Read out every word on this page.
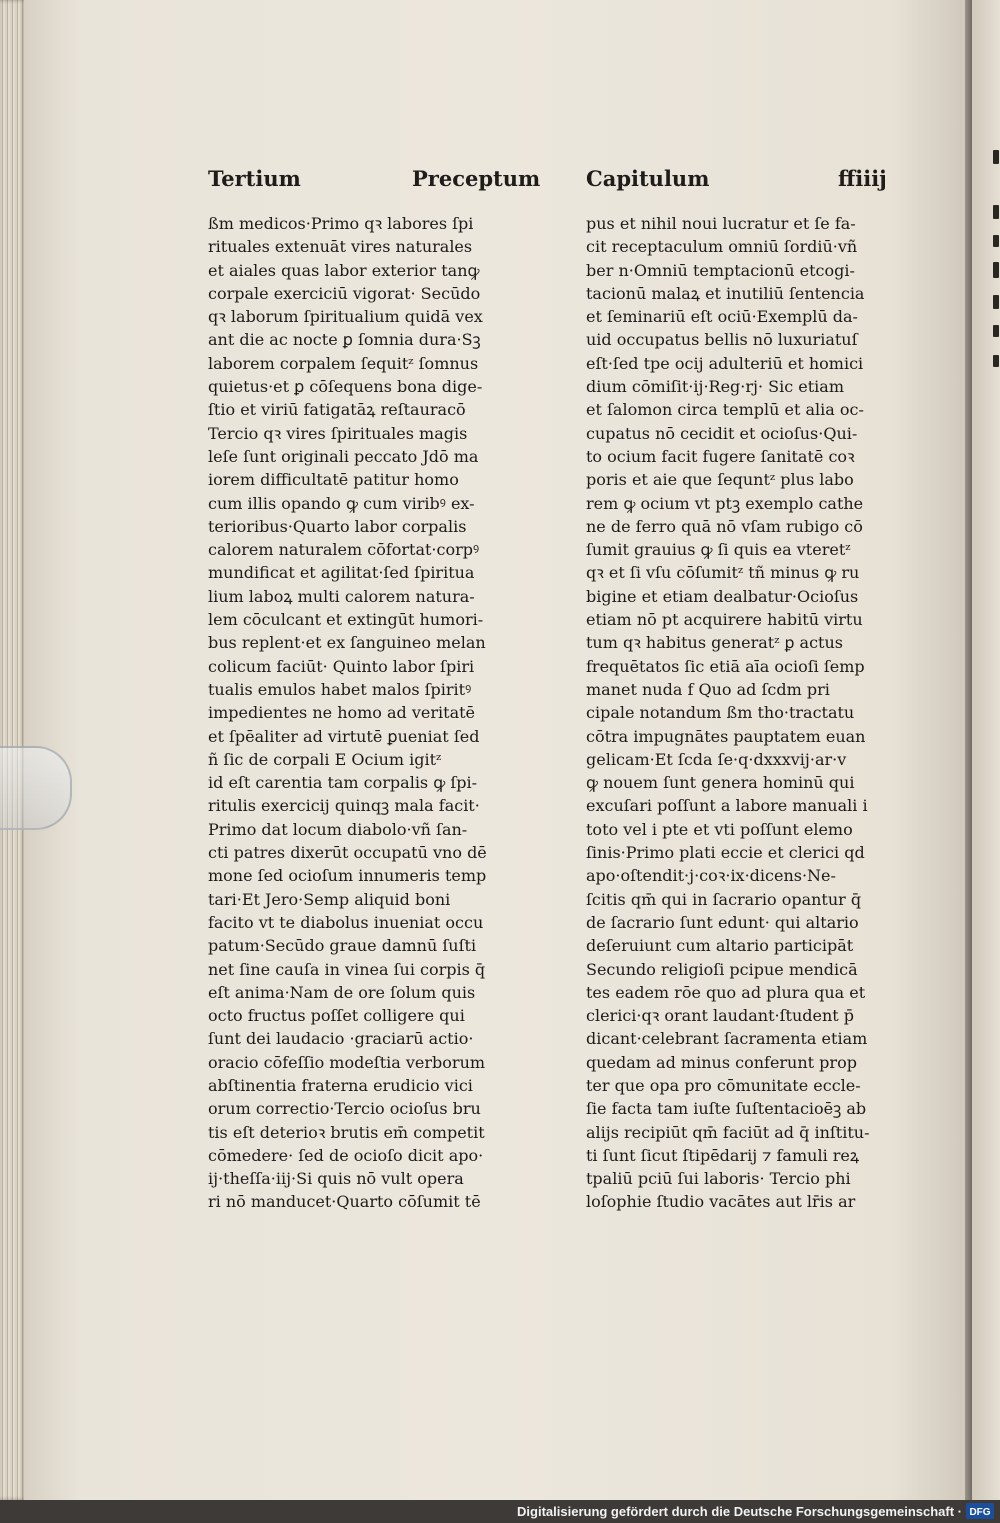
Tertium	Preceptum Capitulum	ffiiij
ßm medicos·Primo qꝛ labores ſpi
rituales extenuāt vires naturales
et aiales quas labor exterior tanꝙ
corpale exerciciū vigorat· Secūdo
qꝛ laborum ſpiritualium quidā vex
ant die ac nocte ꝑ ſomnia dura·Sꝫ
laborem corpalem ſequitᶻ ſomnus
quietus·et ꝑ cōſequens bona dige-
ſtio et viriū fatigatāꝝ reſtauracō
Tercio qꝛ vires ſpirituales magis
leſe ſunt originali peccato Jdō ma
iorem difficultatē patitur homo
cum illis opando ꝙ cum viribꝰ ex-
terioribus·Quarto labor corpalis
calorem naturalem cōfortat·corpꝰ
mundificat et agilitat·ſed ſpiritua
lium laboꝝ multi calorem natura-
lem cōculcant et extingūt humori-
bus replent·et ex ſanguineo melan
colicum faciūt· Quinto labor ſpiri
tualis emulos habet malos ſpiritꝰ
impedientes ne homo ad veritatē
et ſpēaliter ad virtutē ꝑueniat ſed
ñ ſic de corpali E Ocium igitᶻ
id eſt carentia tam corpalis ꝙ ſpi-
ritulis exercicij quinqꝫ mala facit·
Primo dat locum diabolo·vñ ſan-
cti patres dixerūt occupatū vno dē
mone ſed ocioſum innumeris temp
tari·Et Jero·Semp aliquid boni
facito vt te diabolus inueniat occu
patum·Secūdo graue damnū ſuſti
net ſine cauſa in vinea ſui corpis q̄
eſt anima·Nam de ore ſolum quis
octo fructus poſſet colligere qui
ſunt dei laudacio ·graciarū actio·
oracio cōfeſſio modeſtia verborum
abſtinentia fraterna erudicio vici
orum correctio·Tercio ocioſus bru
tis eſt deterioꝛ brutis em̄ competit
cōmedere· ſed de ocioſo dicit apo·
ij·theſſa·iij·Si quis nō vult opera
ri nō manducet·Quarto cōſumit tē
pus et nihil noui lucratur et ſe fa-
cit receptaculum omniū ſordiū·vñ
ber n·Omniū temptacionū etcogi-
tacionū malaꝝ et inutiliū ſentencia
et ſeminariū eſt ociū·Exemplū da-
uid occupatus bellis nō luxuriatuſ
eſt·ſed tpe ocij adulteriū et homici
dium cōmiſit·ij·Reg·rj· Sic etiam
et ſalomon circa templū et alia oc-
cupatus nō cecidit et ocioſus·Qui-
to ocium facit fugere ſanitatē coꝛ
poris et aie que ſequntᶻ plus labo
rem ꝙ ocium vt ptꝫ exemplo cathe
ne de ferro quā nō vſam rubigo cō
ſumit grauius ꝙ ſi quis ea vteretᶻ
qꝛ et ſi vſu cōſumitᶻ tñ minus ꝙ ru
bigine et etiam dealbatur·Ocioſus
etiam nō pt acquirere habitū virtu
tum qꝛ habitus generatᶻ ꝑ actus
frequētatos ſic etiā aīa ocioſi ſemp
manet nuda f Quo ad ſcdm pri
cipale notandum ßm tho·tractatu
cōtra impugnātes pauptatem euan
gelicam·Et ſcda ſe·q·dxxxvij·ar·v
ꝙ nouem ſunt genera hominū qui
excuſari poſſunt a labore manuali i
toto vel i pte et vti poſſunt elemo
ſinis·Primo plati eccie et clerici qd
apo·oſtendit·j·coꝛ·ix·dicens·Ne-
ſcitis qm̄ qui in ſacrario opantur q̄
de ſacrario ſunt edunt· qui altario
deſeruiunt cum altario participāt
Secundo religioſi pcipue mendicā
tes eadem rōe quo ad plura qua et
clerici·qꝛ orant laudant·ſtudent p̄
dicant·celebrant ſacramenta etiam
quedam ad minus conferunt prop
ter que opa pro cōmunitate eccle-
ſie facta tam iuſte ſuſtentacioēꝫ ab
alijs recipiūt qm̄ faciūt ad q̄ inſtitu-
ti ſunt ſicut ſtipēdarij ⁊ famuli reꝝ
tpaliū pciū ſui laboris· Tercio phi
loſophie ſtudio vacātes aut lr̄is ar
Digitalisierung gefördert durch die Deutsche Forschungsgemeinschaft · DFG
